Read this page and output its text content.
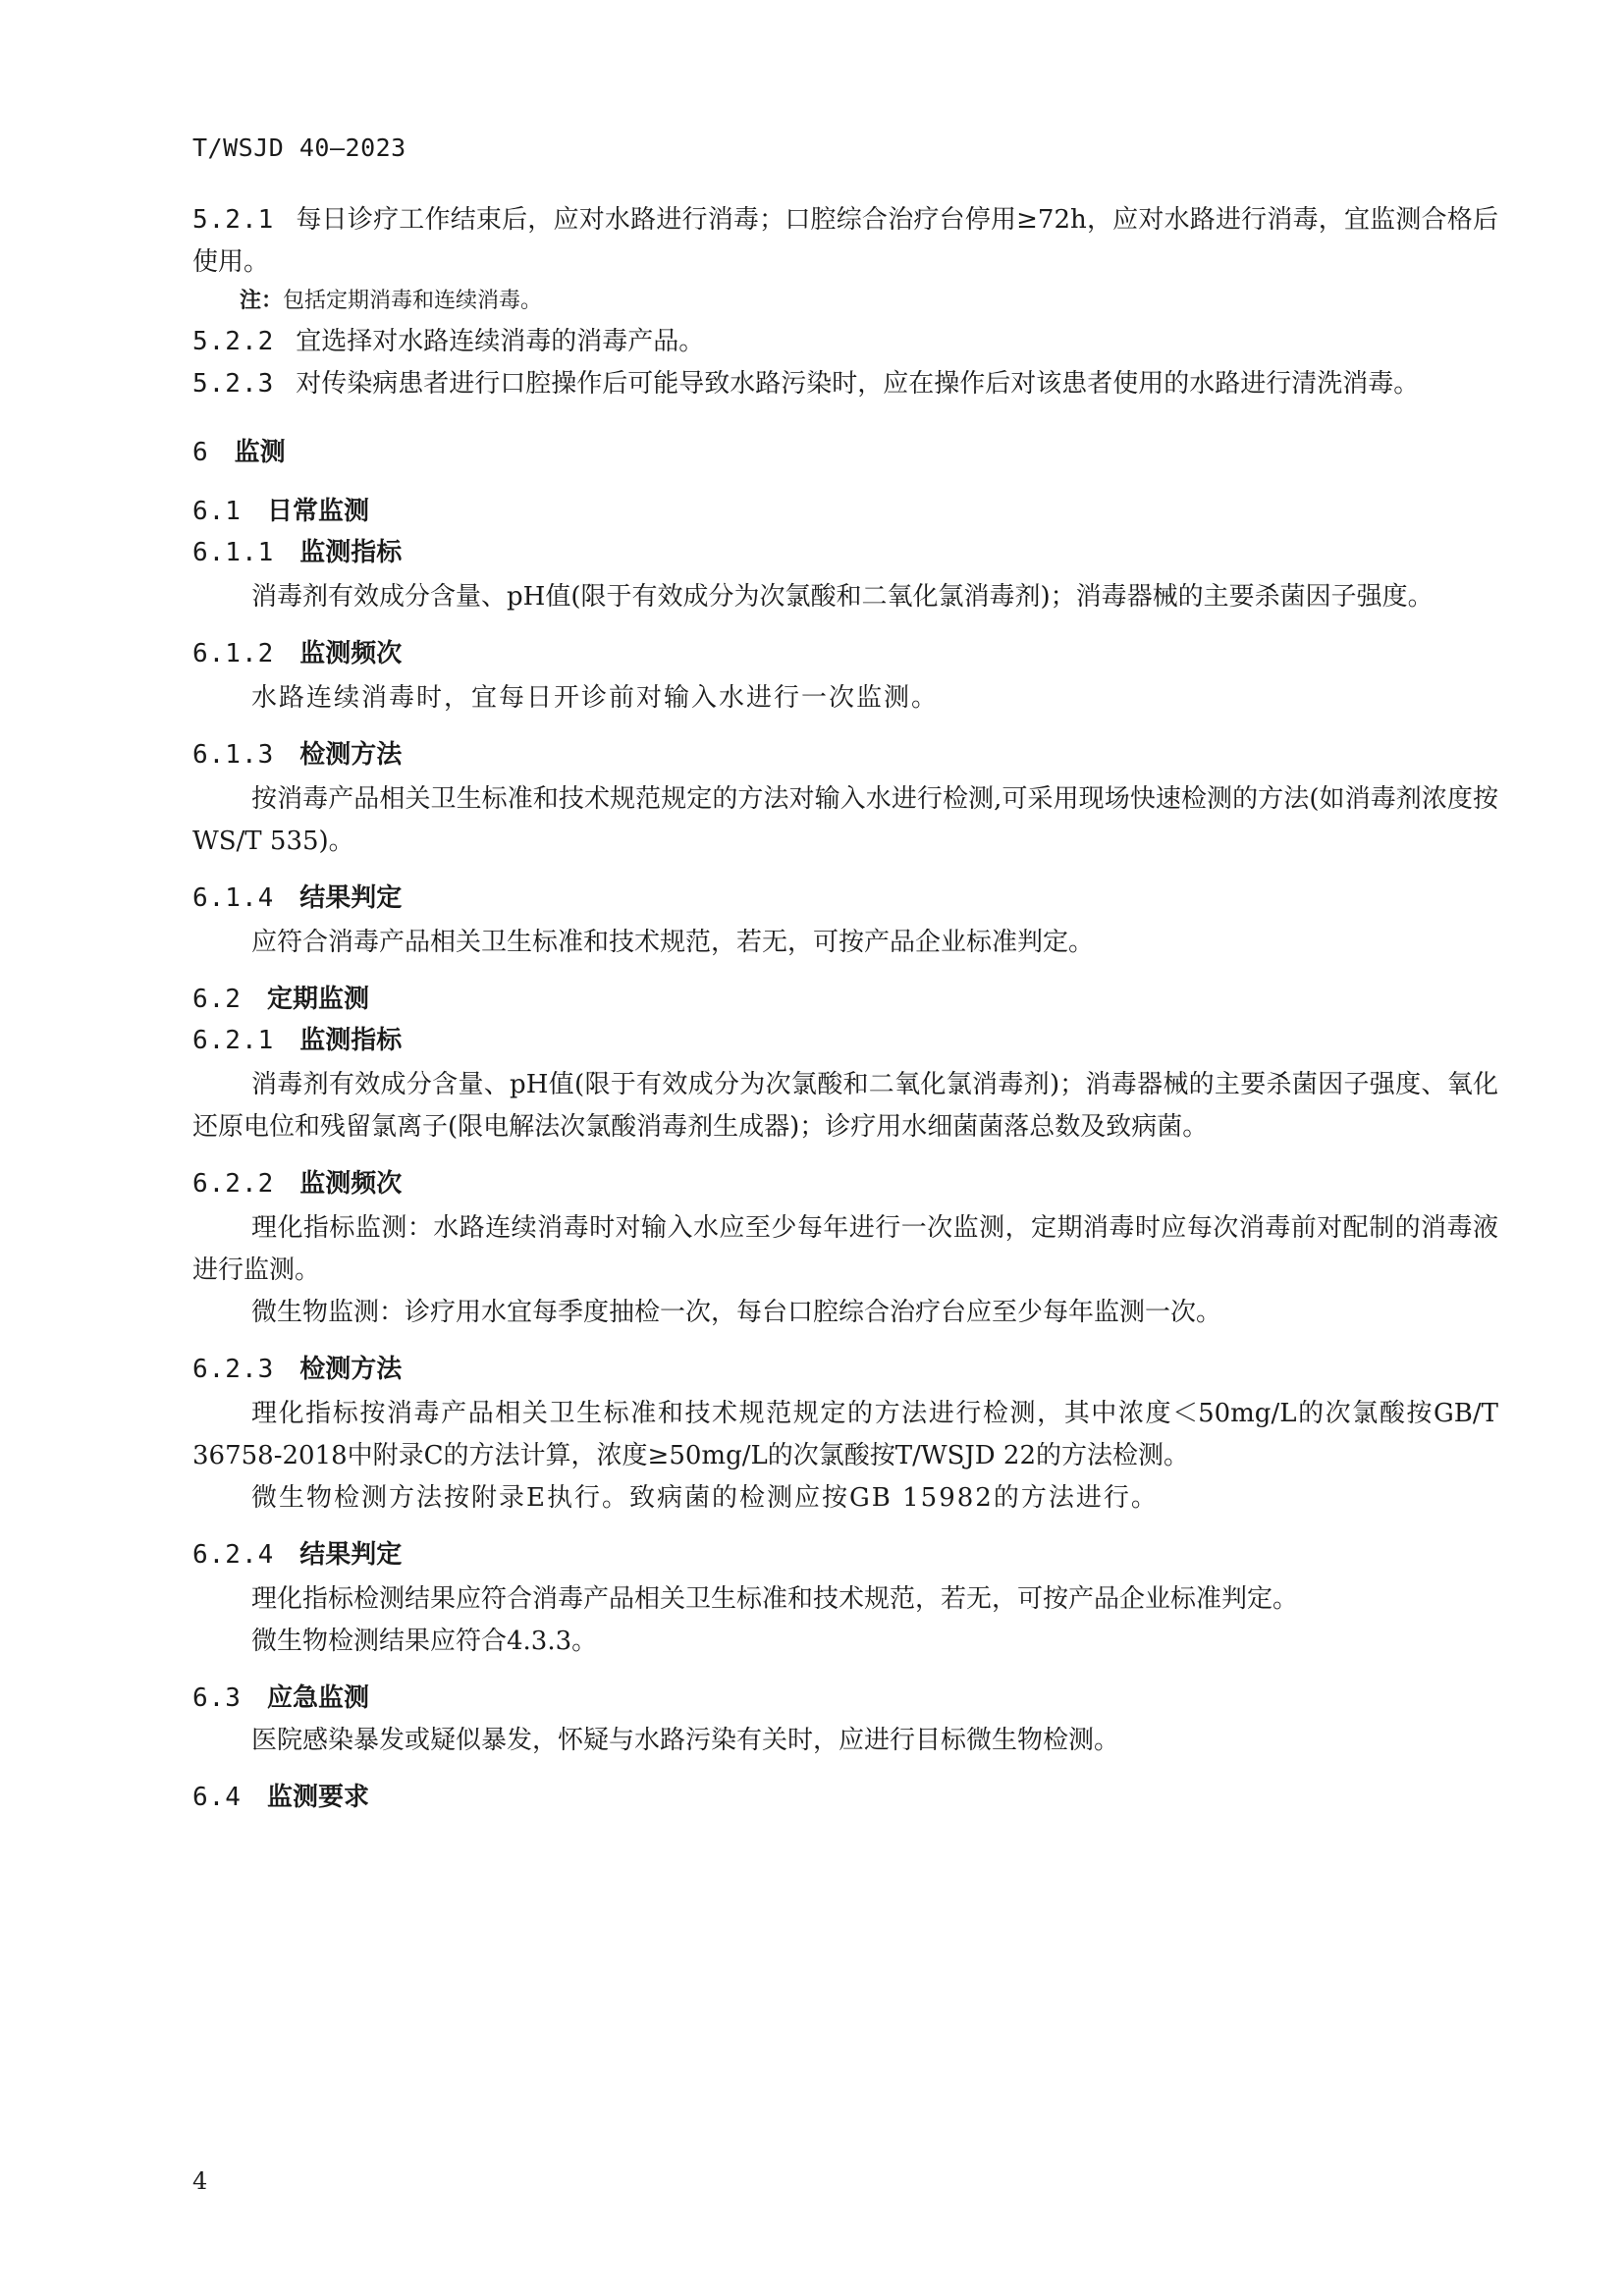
T/WSJD 40—2023

5.2.1 每日诊疗工作结束后，应对水路进行消毒；口腔综合治疗台停用≥72h，应对水路进行消毒，宜监测合格后使用。

注：包括定期消毒和连续消毒。

5.2.2 宜选择对水路连续消毒的消毒产品。

5.2.3 对传染病患者进行口腔操作后可能导致水路污染时，应在操作后对该患者使用的水路进行清洗消毒。

6 监测
6.1 日常监测
6.1.1 监测指标

消毒剂有效成分含量、pH值(限于有效成分为次氯酸和二氧化氯消毒剂)；消毒器械的主要杀菌因子强度。

6.1.2 监测频次

水路连续消毒时，宜每日开诊前对输入水进行一次监测。

6.1.3 检测方法

按消毒产品相关卫生标准和技术规范规定的方法对输入水进行检测,可采用现场快速检测的方法(如消毒剂浓度按WS/T 535)。

6.1.4 结果判定

应符合消毒产品相关卫生标准和技术规范，若无，可按产品企业标准判定。

6.2 定期监测
6.2.1 监测指标

消毒剂有效成分含量、pH值(限于有效成分为次氯酸和二氧化氯消毒剂)；消毒器械的主要杀菌因子强度、氧化还原电位和残留氯离子(限电解法次氯酸消毒剂生成器)；诊疗用水细菌菌落总数及致病菌。

6.2.2 监测频次

理化指标监测：水路连续消毒时对输入水应至少每年进行一次监测，定期消毒时应每次消毒前对配制的消毒液进行监测。

微生物监测：诊疗用水宜每季度抽检一次，每台口腔综合治疗台应至少每年监测一次。

6.2.3 检测方法

理化指标按消毒产品相关卫生标准和技术规范规定的方法进行检测，其中浓度＜50mg/L的次氯酸按GB/T 36758-2018中附录C的方法计算，浓度≥50mg/L的次氯酸按T/WSJD 22的方法检测。

微生物检测方法按附录E执行。致病菌的检测应按GB 15982的方法进行。

6.2.4 结果判定

理化指标检测结果应符合消毒产品相关卫生标准和技术规范，若无，可按产品企业标准判定。

微生物检测结果应符合4.3.3。

6.3 应急监测

医院感染暴发或疑似暴发，怀疑与水路污染有关时，应进行目标微生物检测。

6.4 监测要求
4
